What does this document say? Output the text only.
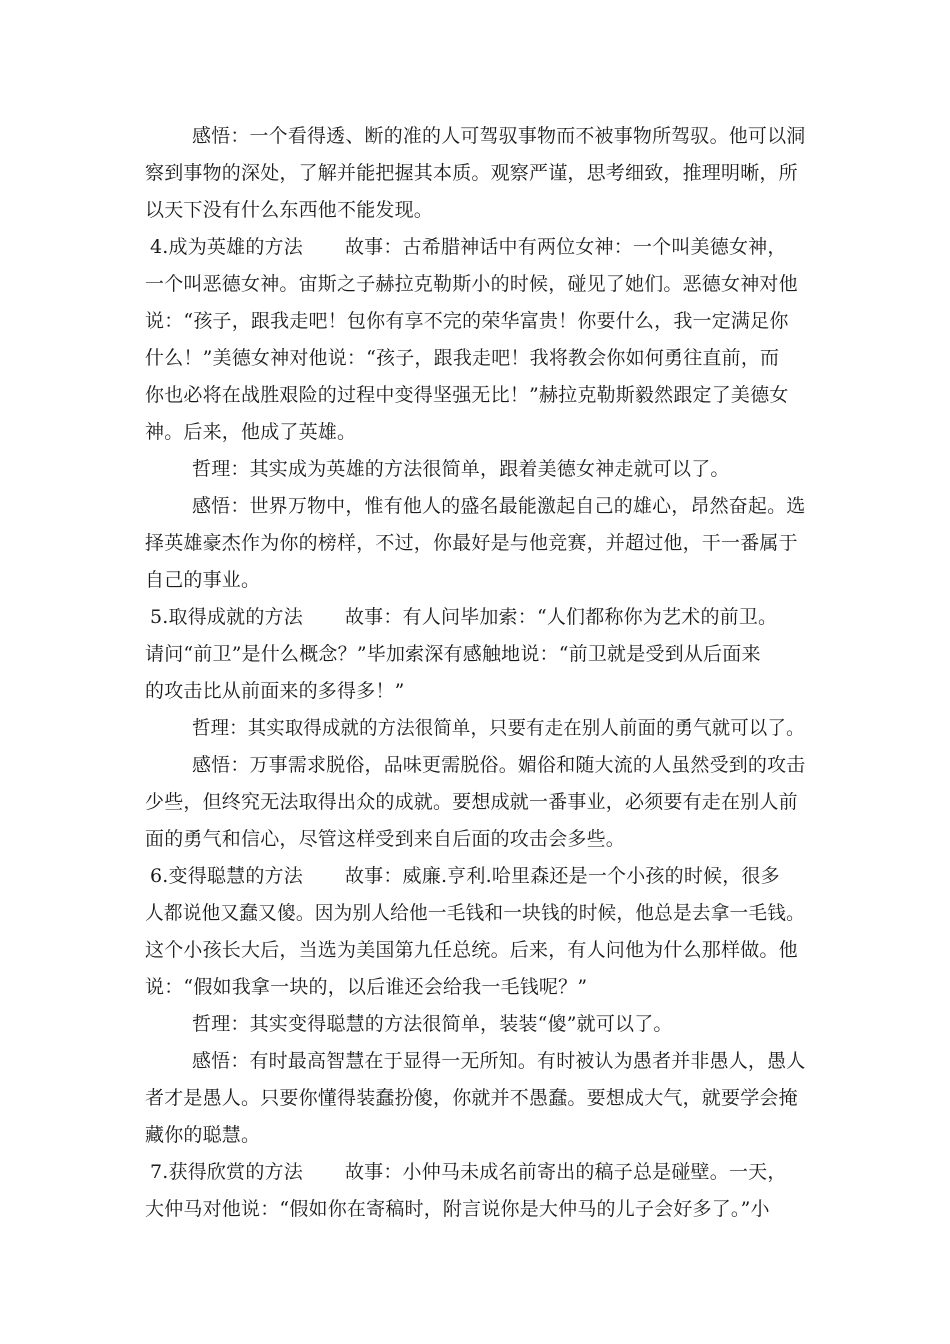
感悟：一个看得透、断的准的人可驾驭事物而不被事物所驾驭。他可以洞
察到事物的深处，了解并能把握其本质。观察严谨，思考细致，推理明晰，所
以天下没有什么东西他不能发现。
4.成为英雄的方法 故事：古希腊神话中有两位女神：一个叫美德女神，
一个叫恶德女神。宙斯之子赫拉克勒斯小的时候，碰见了她们。恶德女神对他
说：“孩子，跟我走吧！包你有享不完的荣华富贵！你要什么，我一定满足你
什么！”美德女神对他说：“孩子，跟我走吧！我将教会你如何勇往直前，而
你也必将在战胜艰险的过程中变得坚强无比！”赫拉克勒斯毅然跟定了美德女
神。后来，他成了英雄。
哲理：其实成为英雄的方法很简单，跟着美德女神走就可以了。
感悟：世界万物中，惟有他人的盛名最能激起自己的雄心，昂然奋起。选
择英雄豪杰作为你的榜样，不过，你最好是与他竞赛，并超过他，干一番属于
自己的事业。
5.取得成就的方法 故事：有人问毕加索：“人们都称你为艺术的前卫。
请问“前卫”是什么概念？”毕加索深有感触地说：“前卫就是受到从后面来
的攻击比从前面来的多得多！”
哲理：其实取得成就的方法很简单，只要有走在别人前面的勇气就可以了。
感悟：万事需求脱俗，品味更需脱俗。媚俗和随大流的人虽然受到的攻击
少些，但终究无法取得出众的成就。要想成就一番事业，必须要有走在别人前
面的勇气和信心，尽管这样受到来自后面的攻击会多些。
6.变得聪慧的方法 故事：威廉.亨利.哈里森还是一个小孩的时候，很多
人都说他又蠢又傻。因为别人给他一毛钱和一块钱的时候，他总是去拿一毛钱。
这个小孩长大后，当选为美国第九任总统。后来，有人问他为什么那样做。他
说：“假如我拿一块的，以后谁还会给我一毛钱呢？”
哲理：其实变得聪慧的方法很简单，装装“傻”就可以了。
感悟：有时最高智慧在于显得一无所知。有时被认为愚者并非愚人，愚人
者才是愚人。只要你懂得装蠢扮傻，你就并不愚蠢。要想成大气，就要学会掩
藏你的聪慧。
7.获得欣赏的方法 故事：小仲马未成名前寄出的稿子总是碰壁。一天，
大仲马对他说：“假如你在寄稿时，附言说你是大仲马的儿子会好多了。”小
